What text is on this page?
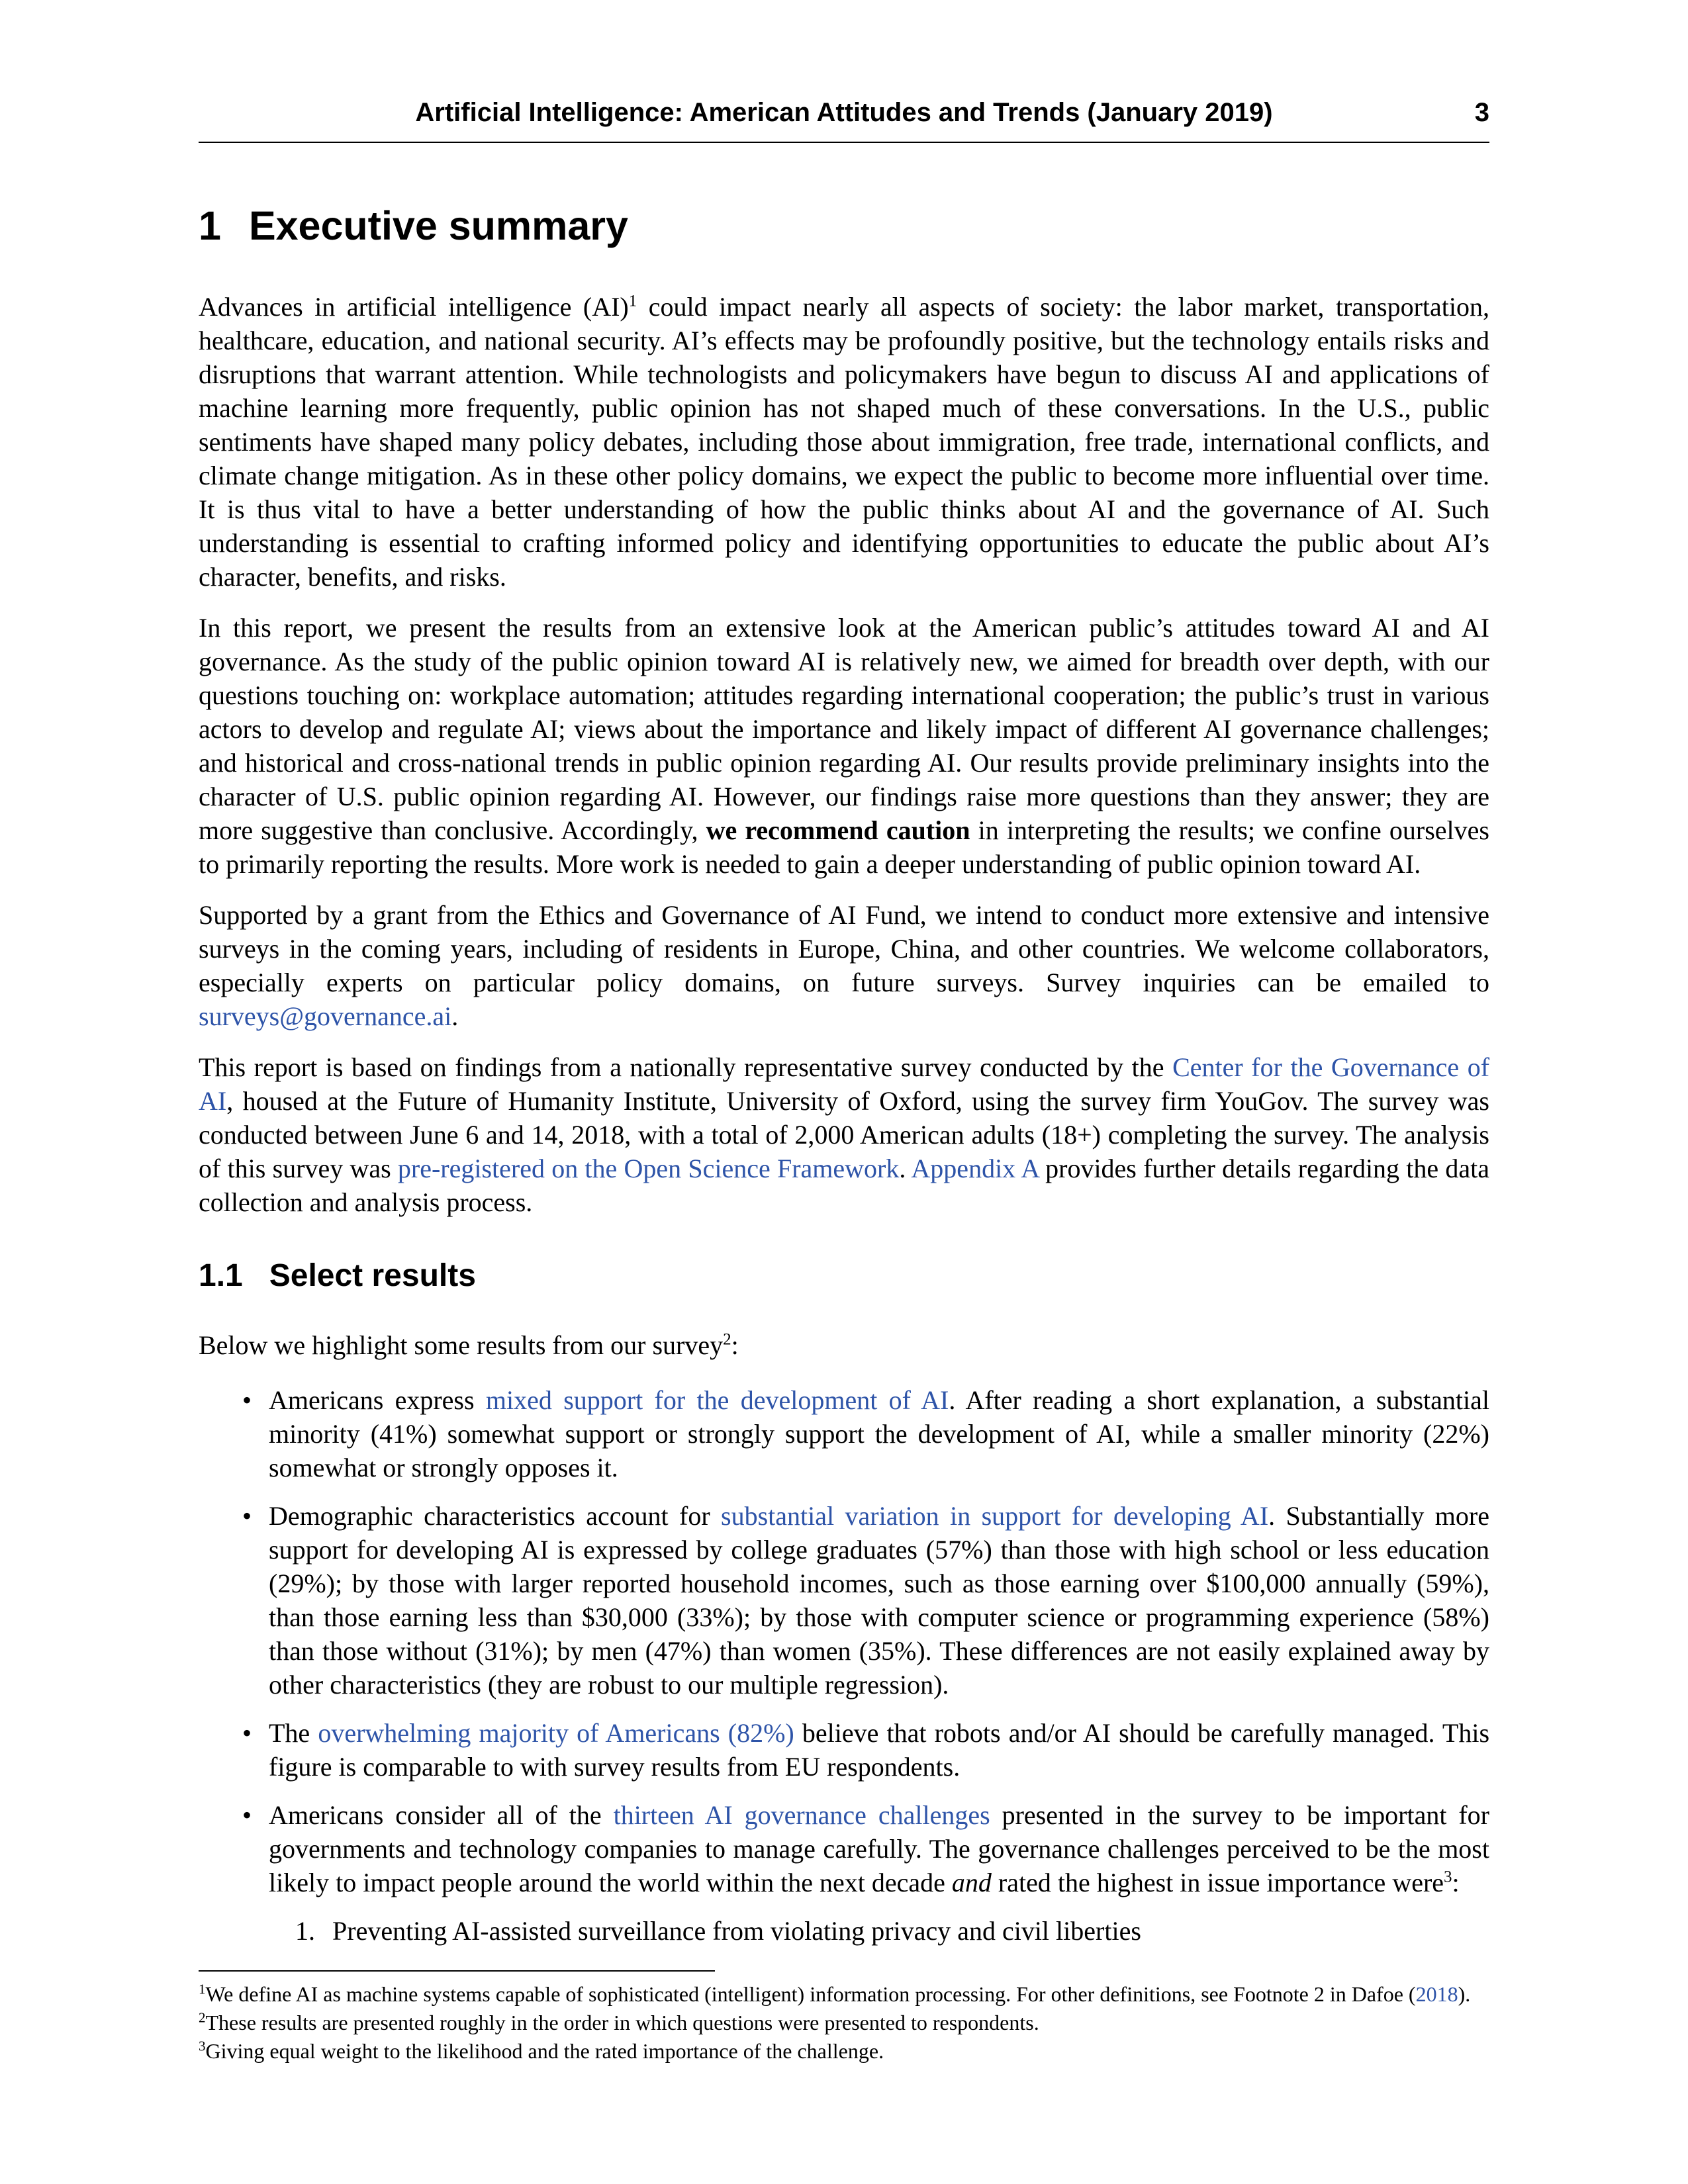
Artificial Intelligence: American Attitudes and Trends (January 2019)	3
1 Executive summary

Advances in artificial intelligence (AI)$^1$ could impact nearly all aspects of society: the labor market, transportation, healthcare, education, and national security. AI’s effects may be profoundly positive, but the technology entails risks and disruptions that warrant attention. While technologists and policymakers have begun to discuss AI and applications of machine learning more frequently, public opinion has not shaped much of these conversations. In the U.S., public sentiments have shaped many policy debates, including those about immigration, free trade, international conflicts, and climate change mitigation. As in these other policy domains, we expect the public to become more influential over time. It is thus vital to have a better understanding of how the public thinks about AI and the governance of AI. Such understanding is essential to crafting informed policy and identifying opportunities to educate the public about AI’s character, benefits, and risks.

In this report, we present the results from an extensive look at the American public’s attitudes toward AI and AI governance. As the study of the public opinion toward AI is relatively new, we aimed for breadth over depth, with our questions touching on: workplace automation; attitudes regarding international cooperation; the public’s trust in various actors to develop and regulate AI; views about the importance and likely impact of different AI governance challenges; and historical and cross-national trends in public opinion regarding AI. Our results provide preliminary insights into the character of U.S. public opinion regarding AI. However, our findings raise more questions than they answer; they are more suggestive than conclusive. Accordingly, we recommend caution in interpreting the results; we confine ourselves to primarily reporting the results. More work is needed to gain a deeper understanding of public opinion toward AI.

Supported by a grant from the Ethics and Governance of AI Fund, we intend to conduct more extensive and intensive surveys in the coming years, including of residents in Europe, China, and other countries. We welcome collaborators, especially experts on particular policy domains, on future surveys. Survey inquiries can be emailed to surveys@governance.ai.

This report is based on findings from a nationally representative survey conducted by the Center for the Governance of AI, housed at the Future of Humanity Institute, University of Oxford, using the survey firm YouGov. The survey was conducted between June 6 and 14, 2018, with a total of 2,000 American adults (18+) completing the survey. The analysis of this survey was pre-registered on the Open Science Framework. Appendix A provides further details regarding the data collection and analysis process.

1.1 Select results

Below we highlight some results from our survey$^2$:

• Americans express mixed support for the development of AI. After reading a short explanation, a substantial minority (41%) somewhat support or strongly support the development of AI, while a smaller minority (22%) somewhat or strongly opposes it.
• Demographic characteristics account for substantial variation in support for developing AI. Substantially more support for developing AI is expressed by college graduates (57%) than those with high school or less education (29%); by those with larger reported household incomes, such as those earning over $100,000 annually (59%), than those earning less than $30,000 (33%); by those with computer science or programming experience (58%) than those without (31%); by men (47%) than women (35%). These differences are not easily explained away by other characteristics (they are robust to our multiple regression).
• The overwhelming majority of Americans (82%) believe that robots and/or AI should be carefully managed. This figure is comparable to with survey results from EU respondents.
• Americans consider all of the thirteen AI governance challenges presented in the survey to be important for governments and technology companies to manage carefully. The governance challenges perceived to be the most likely to impact people around the world within the next decade and rated the highest in issue importance were$^3$:
1. Preventing AI-assisted surveillance from violating privacy and civil liberties

$^1$We define AI as machine systems capable of sophisticated (intelligent) information processing. For other definitions, see Footnote 2 in Dafoe (2018).

$^2$These results are presented roughly in the order in which questions were presented to respondents.

$^3$Giving equal weight to the likelihood and the rated importance of the challenge.
